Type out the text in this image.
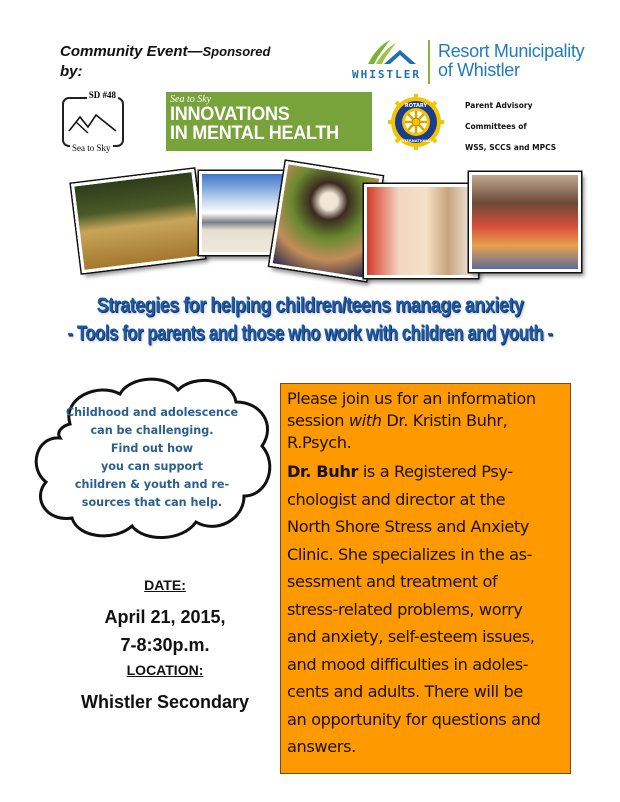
Community Event—Sponsored
by:	WHISTLER
Resort Municipality
of Whistler
SD #48
Sea to Sky
Sea to Sky
INNOVATIONS
IN MENTAL HEALTH
ROTARY
INTERNATIONAL
Parent Advisory
Committees of
WSS, SCCS and MPCS
Strategies for helping children/teens manage anxiety
- Tools for parents and those who work with children and youth -
Childhood and adolescence
can be challenging.
Find out how
you can support
children & youth and re-
sources that can help.
DATE:
April 21, 2015,
7-8:30p.m.
LOCATION:
Whistler Secondary

Please join us for an information session with Dr. Kristin Buhr, R.Psych.

Dr. Buhr is a Registered Psy-
chologist and director at the
North Shore Stress and Anxiety
Clinic. She specializes in the as-
sessment and treatment of
stress-related problems, worry
and anxiety, self-esteem issues,
and mood difficulties in adoles-
cents and adults. There will be
an opportunity for questions and
answers.
